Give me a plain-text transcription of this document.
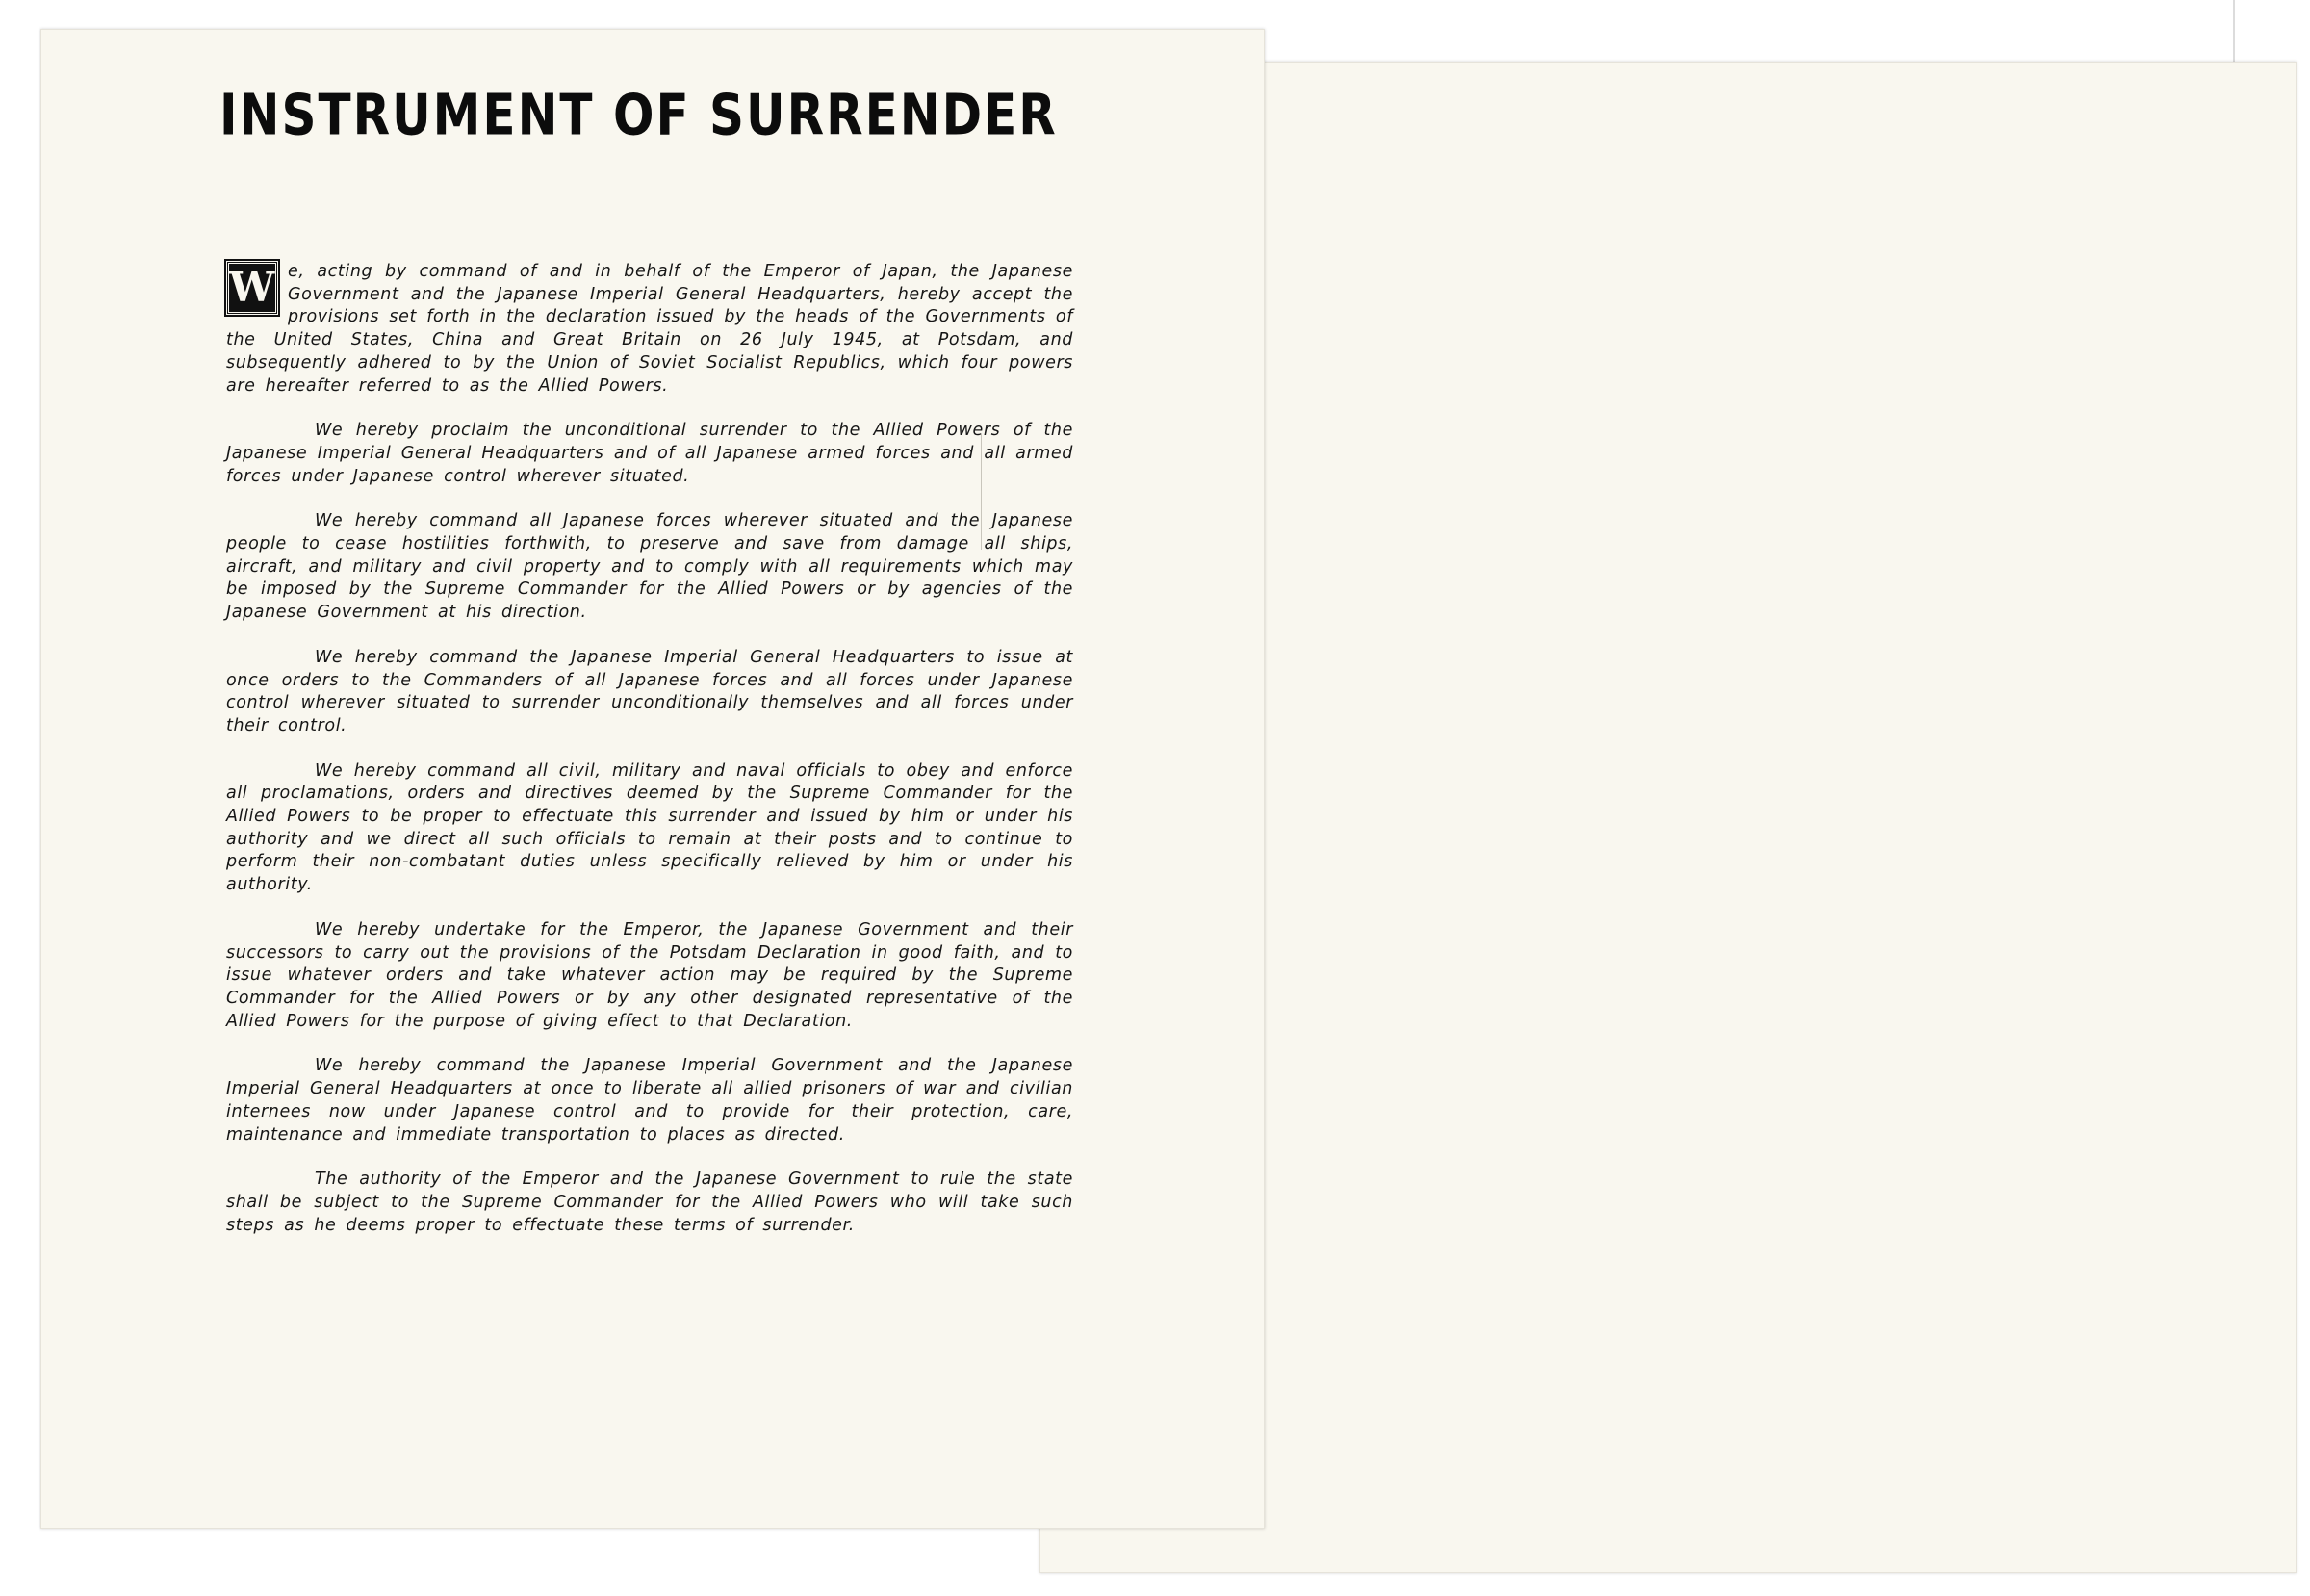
INSTRUMENT OF SURRENDER

W e, acting by command of and in behalf of the Emperor of Japan, the Japanese Government and the Japanese Imperial General Headquarters, hereby accept the provisions set forth in the declaration issued by the heads of the Governments of the United States, China and Great Britain on 26 July 1945, at Potsdam, and subsequently adhered to by the Union of Soviet Socialist Republics, which four powers are hereafter referred to as the Allied Powers.

We hereby proclaim the unconditional surrender to the Allied Powers of the Japanese Imperial General Headquarters and of all Japanese armed forces and all armed forces under Japanese control wherever situated.

We hereby command all Japanese forces wherever situated and the Japanese people to cease hostilities forthwith, to preserve and save from damage all ships, aircraft, and military and civil property and to comply with all requirements which may be imposed by the Supreme Commander for the Allied Powers or by agencies of the Japanese Government at his direction.

We hereby command the Japanese Imperial General Headquarters to issue at once orders to the Commanders of all Japanese forces and all forces under Japanese control wherever situated to surrender unconditionally themselves and all forces under their control.

We hereby command all civil, military and naval officials to obey and enforce all proclamations, orders and directives deemed by the Supreme Commander for the Allied Powers to be proper to effectuate this surrender and issued by him or under his authority and we direct all such officials to remain at their posts and to continue to perform their non-combatant duties unless specifically relieved by him or under his authority.

We hereby undertake for the Emperor, the Japanese Government and their successors to carry out the provisions of the Potsdam Declaration in good faith, and to issue whatever orders and take whatever action may be required by the Supreme Commander for the Allied Powers or by any other designated representative of the Allied Powers for the purpose of giving effect to that Declaration.

We hereby command the Japanese Imperial Government and the Japanese Imperial General Headquarters at once to liberate all allied prisoners of war and civilian internees now under Japanese control and to provide for their protection, care, maintenance and immediate transportation to places as directed.

The authority of the Emperor and the Japanese Government to rule the state shall be subject to the Supreme Commander for the Allied Powers who will take such steps as he deems proper to effectuate these terms of surrender.
